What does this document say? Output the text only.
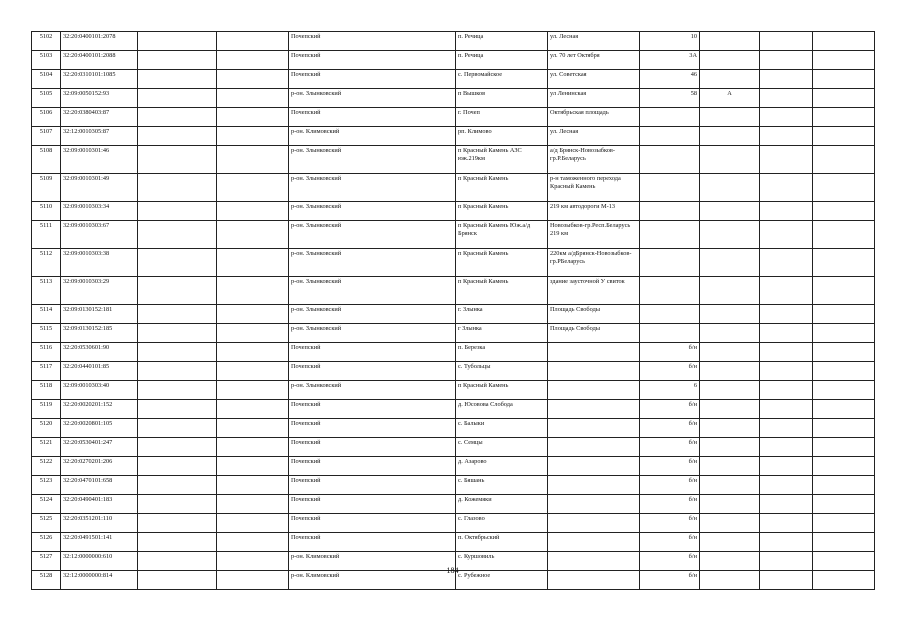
5102	32:20:0400101:2078			Почепский		п. Речица	ул. Лесная	10			
5103	32:20:0400101:2088			Почепский		п. Речица	ул. 70 лет Октября	3А			
5104	32:20:0310101:1085			Почепский		с. Первомайское	ул. Советская	46			
5105	32:09:0050152:93			р-он. Злынковский		п Вышков	ул Ленинская	58	А		
5106	32:20:0380403:87			Почепский		г. Почеп	Октябрьская площадь				
5107	32:12:0010305:87			р-он. Климовский		рп. Климово	ул. Лесная				
5108	32:09:0010301:46			р-он. Злынковский		п Красный Камень АЗС юж.219км	а/д Брянск-Новозыбков-гр.Р.Беларусь				
5109	32:09:0010301:49			р-он. Злынковский		п Красный Камень	р-н таможенного перехода Красный Камень				
5110	32:09:0010303:34			р-он. Злынковский		п Красный Камень	219 км автодороги М-13				
5111	32:09:0010303:67			р-он. Злынковский		п Красный Камень Юж.а/д Брянск	Новозыбков-гр.Респ.Беларусь 219 км				
5112	32:09:0010303:38			р-он. Злынковский		п Красный Камень	220км а/дБрянск-Новозыбков-гр.РБеларусь				
5113	32:09:0010303:29			р-он. Злынковский		п Красный Камень	здание заусточной У свиток				
5114	32:09:0130152:181			р-он. Злынковский		г. Злынка	Площадь Свободы				
5115	32:09:0130152:185			р-он. Злынковский		г Злынка	Площадь Свободы				
5116	32:20:0530601:90			Почепский		п. Березка		б/н			
5117	32:20:0440101:85			Почепский		с. Тубольцы		б/н			
5118	32:09:0010303:40			р-он. Злынковский		п Красный Камень		6			
5119	32:20:0020201:152			Почепский		д. Юсовова Слобода		б/н			
5120	32:20:0020801:105			Почепский		с. Балыки		б/н			
5121	32:20:0530401:247			Почепский		с. Семцы		б/н			
5122	32:20:0270201:206			Почепский		д. Азарово		б/н			
5123	32:20:0470101:658			Почепский		с. Бяшань		б/н			
5124	32:20:0490401:183			Почепский		д. Кожемяки		б/н			
5125	32:20:0351201:110			Почепский		с. Глазово		б/н			
5126	32:20:0491501:141			Почепский		п. Октябрьский		б/н			
5127	32:12:0000000:610			р-он. Климовский		с. Куршовиль		б/н			
5128	32:12:0000000:814			р-он. Климовский		с. Рубежное		б/н			
184
